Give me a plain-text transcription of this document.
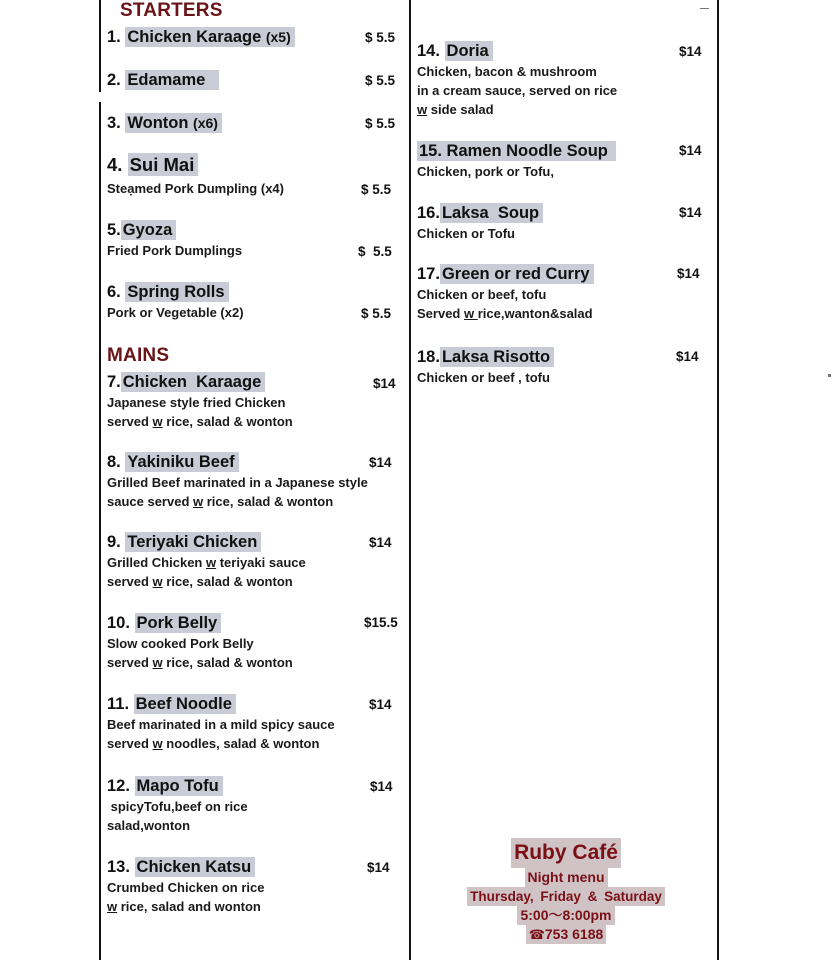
STARTERS
1. Chicken Karaage (x5)	$ 5.5
2. Edamame	$ 5.5
3. Wonton (x6)	$ 5.5
4. Sui Mai
Steạmed Pork Dumpling (x4)	$ 5.5
5. Gyoza
Fried Pork Dumplings	$  5.5
6. Spring Rolls
Pork or Vegetable (x2)	$ 5.5
MAINS
7. Chicken  Karaage
Japanese style fried Chicken
served w rice, salad & wonton
$14
8. Yakiniku Beef
Grilled Beef marinated in a Japanese style
sauce served w rice, salad & wonton
$14
9. Teriyaki Chicken
Grilled Chicken w teriyaki sauce
served w rice, salad & wonton
$14
10. Pork Belly
Slow cooked Pork Belly
served w rice, salad & wonton
$15.5
11. Beef Noodle
Beef marinated in a mild spicy sauce
served w noodles, salad & wonton
$14
12. Mapo Tofu
spicyTofu,beef on rice
salad,wonton
$14
13. Chicken Katsu
Crumbed Chicken on rice
w rice, salad and wonton
$14
14. Doria
Chicken, bacon & mushroom
in a cream sauce, served on rice
w side salad
$14
15. Ramen Noodle Soup
Chicken, pork or Tofu,
$14
16. Laksa  Soup
Chicken or Tofu
$14
17. Green or red Curry
Chicken or beef, tofu
Served w rice,wanton&salad
$14
18. Laksa Risotto
Chicken or beef , tofu
$14
Ruby Café
Night menu
Thursday, Friday & Saturday
5:00〜8:00pm
☎753 6188
